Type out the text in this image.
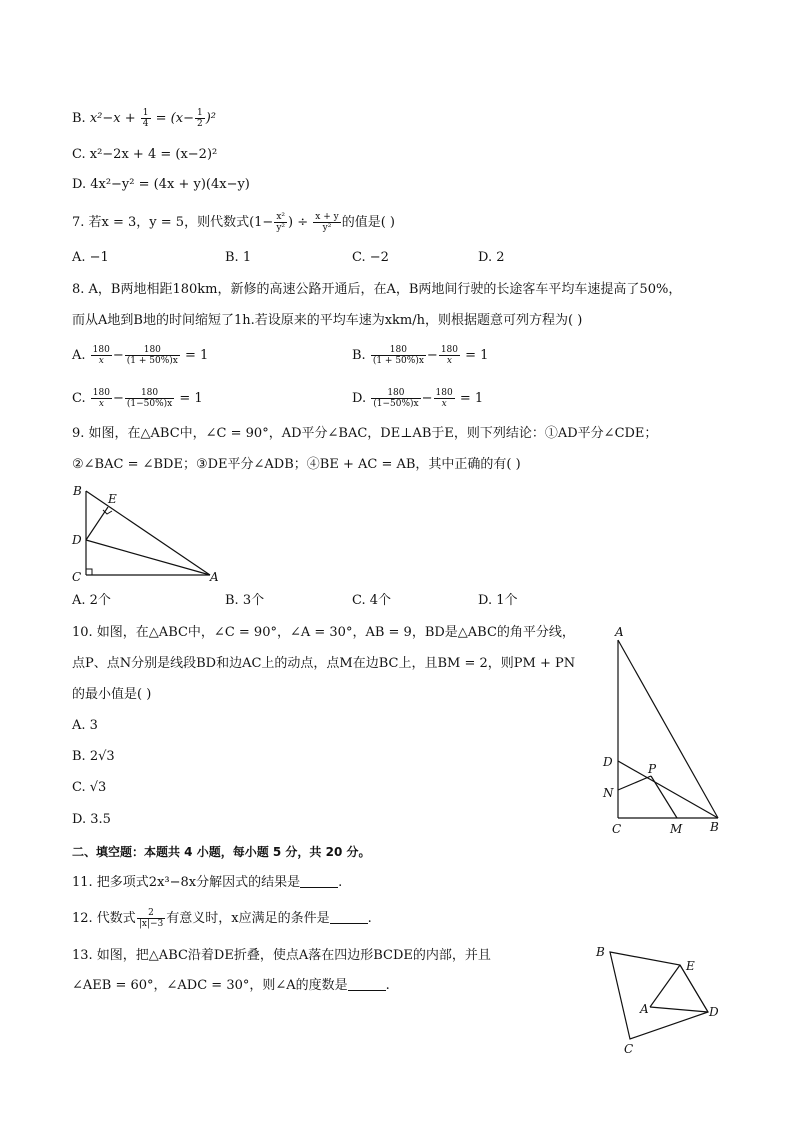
B. $x^2-x + \frac{1}{4} = (x- \frac{1}{2} )^2$
C. x²−2x + 4 = (x−2)²
D. 4x²−y² = (4x + y)(4x−y)
7. 若x = 3，y = 5，则代数式($1- \frac{\text{x²}}{\text{y²}}$ ) ÷ $\frac{x + y}{\text{y²}}$ 的值是( )
A. −1	B. 1	C. −2	D. 2
8. A，B两地相距180km，新修的高速公路开通后，在A，B两地间行驶的长途客车平均车速提高了50%，
而从A地到B地的时间缩短了1h.若设原来的平均车速为xkm/h，则根据题意可列方程为( )
A. $\frac{180}{x} - \frac{180}{(1 + 50\%)x} = 1$	B. $\frac{180}{(1 + 50\%)x} - \frac{180}{x} = 1$
C. $\frac{180}{x} - \frac{180}{(1-50\%)x} = 1$	D. $\frac{180}{(1-50\%)x} - \frac{180}{x} = 1$
9. 如图，在△ABC中，∠C = 90°，AD平分∠BAC，DE⊥AB于E，则下列结论：①AD平分∠CDE；
②∠BAC = ∠BDE；③DE平分∠ADB；④BE + AC = AB，其中正确的有( )
B
E
D
C	A
A. 2个	B. 3个	C. 4个	D. 1个
10. 如图，在△ABC中，∠C = 90°，∠A = 30°，AB = 9，BD是△ABC的角平分线，
点P、点N分别是线段BD和边AC上的动点，点M在边BC上，且BM = 2，则PM + PN
的最小值是( )
A. 3
B. 2√3
C. √3
D. 3.5
A
D	P
N
C	M B
二、填空题：本题共 4 小题，每小题 5 分，共 20 分。
11. 把多项式2x³−8x分解因式的结果是	.
12. 代数式 $\frac{2}{|x|-3}$ 有意义时，x应满足的条件是	.
13. 如图，把△ABC沿着DE折叠，使点A落在四边形BCDE的内部，并且
∠AEB = 60°，∠ADC = 30°，则∠A的度数是	.
B
E
A	D
C
